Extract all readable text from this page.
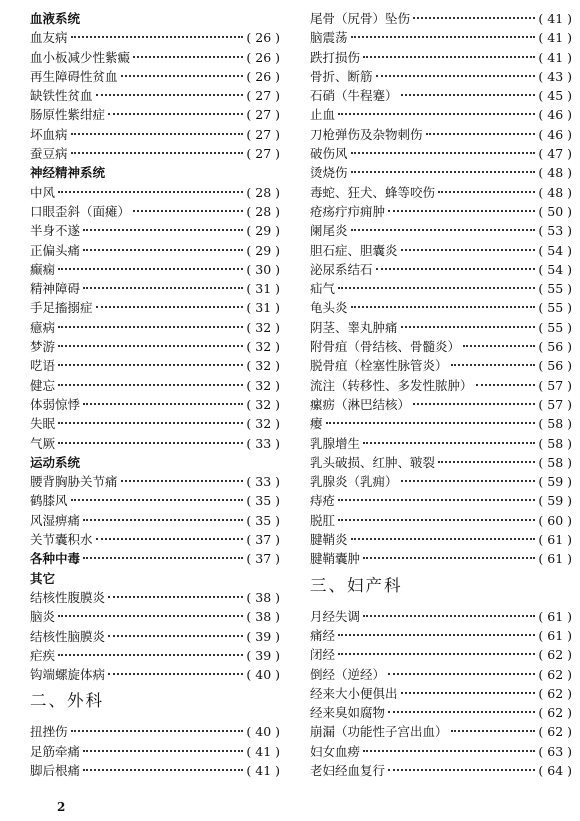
血液系统
血友病	( 26 )
血小板减少性紫癜	( 26 )
再生障碍性贫血	( 26 )
缺铁性贫血	( 27 )
肠原性紫绀症	( 27 )
坏血病	( 27 )
蚕豆病	( 27 )
神经精神系统
中风	( 28 )
口眼歪斜（面瘫）	( 28 )
半身不遂	( 29 )
正偏头痛	( 29 )
癫痫	( 30 )
精神障碍	( 31 )
手足搐搦症	( 31 )
癔病	( 32 )
梦游	( 32 )
呓语	( 32 )
健忘	( 32 )
体弱惊悸	( 32 )
失眠	( 32 )
气厥	( 33 )
运动系统
腰背胸胁关节痛	( 33 )
鹤膝风	( 35 )
风湿痹痛	( 35 )
关节囊积水	( 37 )
各种中毒	( 37 )
其它
结核性腹膜炎	( 38 )
脑炎	( 38 )
结核性脑膜炎	( 39 )
疟疾	( 39 )
钩端螺旋体病	( 40 )
二、外科
扭挫伤	( 40 )
足筋牵痛	( 41 )
脚后根痛	( 41 )
尾骨（尻骨）坠伤	( 41 )
脑震荡	( 41 )
跌打损伤	( 41 )
骨折、断筋	( 43 )
石硝（牛程蹇）	( 45 )
止血	( 46 )
刀枪弹伤及杂物刺伤	( 46 )
破伤风	( 47 )
烫烧伤	( 48 )
毒蛇、狂犬、蜂等咬伤	( 48 )
疮疡疔疖痈肿	( 50 )
阑尾炎	( 53 )
胆石症、胆囊炎	( 54 )
泌尿系结石	( 54 )
疝气	( 55 )
龟头炎	( 55 )
阴茎、睾丸肿痛	( 55 )
附骨疽（骨结核、骨髓炎）	( 56 )
脱骨疽（栓塞性脉管炎）	( 56 )
流注（转移性、多发性脓肿）	( 57 )
瘰疬（淋巴结核）	( 57 )
瘿	( 58 )
乳腺增生	( 58 )
乳头破损、红肿、皲裂	( 58 )
乳腺炎（乳痈）	( 59 )
痔疮	( 59 )
脱肛	( 60 )
腱鞘炎	( 61 )
腱鞘囊肿	( 61 )
三、妇产科
月经失调	( 61 )
痛经	( 61 )
闭经	( 62 )
倒经（逆经）	( 62 )
经来大小便俱出	( 62 )
经来臭如腐物	( 62 )
崩漏（功能性子宫出血）	( 62 )
妇女血痨	( 63 )
老妇经血复行	( 64 )
2
